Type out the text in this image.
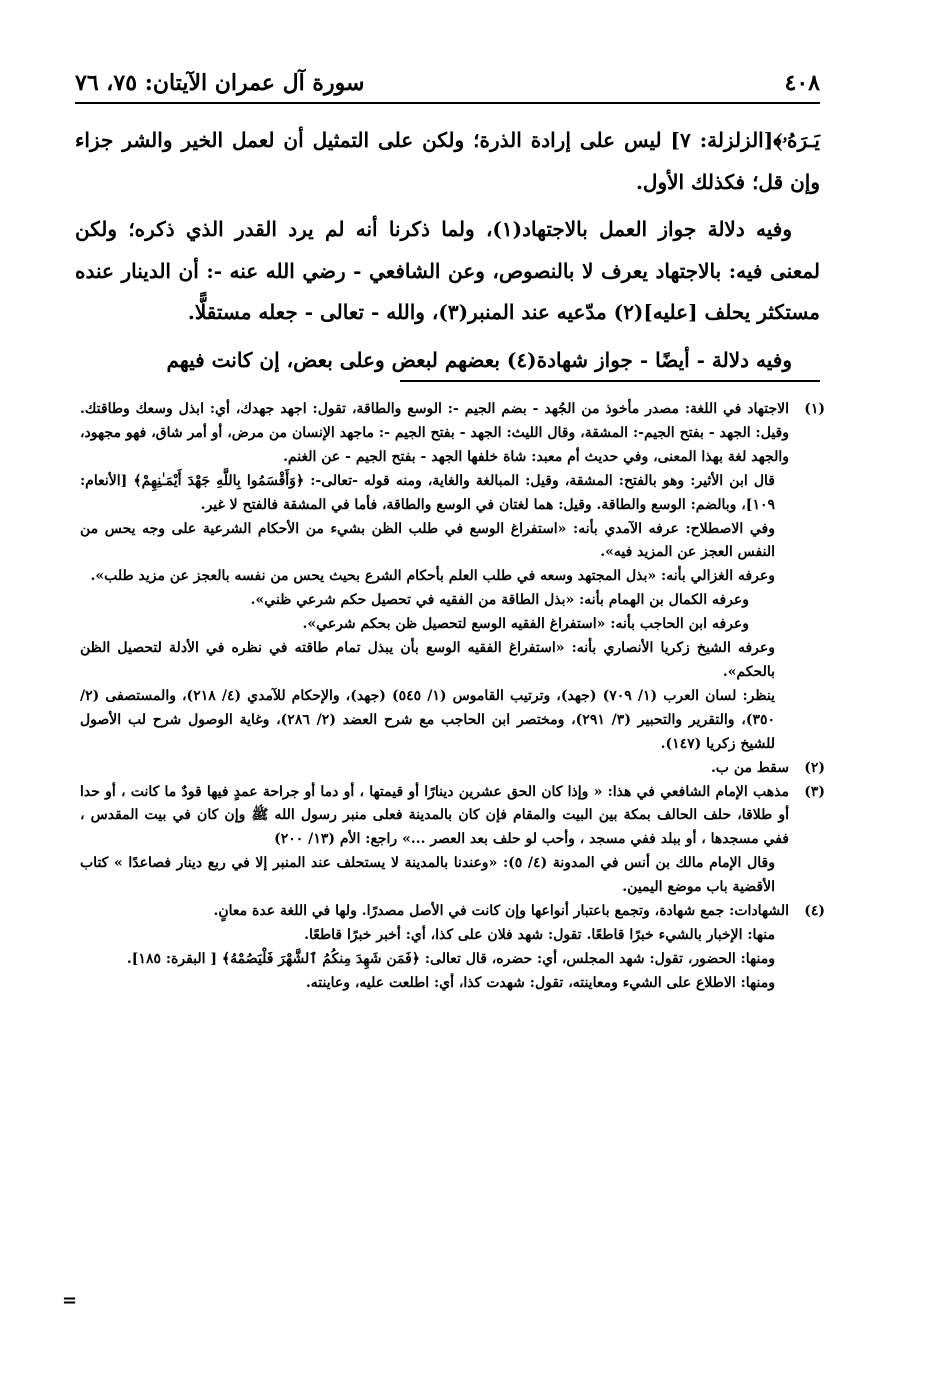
٤٠٨
سورة آل عمران الآيتان: ٧٥، ٧٦

يَـرَهُۥ﴾[الزلزلة: ٧] ليس على إرادة الذرة؛ ولكن على التمثيل أن لعمل الخير والشر جزاء وإن قل؛ فكذلك الأول.

وفيه دلالة جواز العمل بالاجتهاد(١)، ولما ذكرنا أنه لم يرد القدر الذي ذكره؛ ولكن لمعنى فيه: بالاجتهاد يعرف لا بالنصوص، وعن الشافعي - رضي الله عنه -: أن الدينار عنده مستكثر يحلف [عليه](٢) مدّعيه عند المنبر(٣)، والله - تعالى - جعله مستقلًّا.

وفيه دلالة - أيضًا - جواز شهادة(٤) بعضهم لبعض وعلى بعض، إن كانت فيهم

(١)

الاجتهاد في اللغة: مصدر مأخوذ من الجُهد - بضم الجيم -: الوسع والطاقة، تقول: اجهد جهدك، أي: ابذل وسعك وطاقتك. وقيل: الجهد - بفتح الجيم-: المشقة، وقال الليث: الجهد - بفتح الجيم -: ماجهد الإنسان من مرض، أو أمر شاق، فهو مجهود، والجهد لغة بهذا المعنى، وفي حديث أم معبد: شاة خلفها الجهد - بفتح الجيم - عن الغنم.

قال ابن الأثير: وهو بالفتح: المشقة، وقيل: المبالغة والغاية، ومنه قوله -تعالى-: ﴿وَأَقْسَمُوا بِاللَّهِ جَهْدَ أَيْمَـٰنِهِمْ﴾ [الأنعام: ١٠٩]، وبالضم: الوسع والطاقة. وقيل: هما لغتان في الوسع والطاقة، فأما في المشقة فالفتح لا غير.

وفي الاصطلاح: عرفه الآمدي بأنه: «استفراغ الوسع في طلب الظن بشيء من الأحكام الشرعية على وجه يحس من النفس العجز عن المزيد فيه».

وعرفه الغزالي بأنه: «بذل المجتهد وسعه في طلب العلم بأحكام الشرع بحيث يحس من نفسه بالعجز عن مزيد طلب».

وعرفه الكمال بن الهمام بأنه: «بذل الطاقة من الفقيه في تحصيل حكم شرعي ظني».

وعرفه ابن الحاجب بأنه: «استفراغ الفقيه الوسع لتحصيل ظن بحكم شرعي».

وعرفه الشيخ زكريا الأنصاري بأنه: «استفراغ الفقيه الوسع بأن يبذل تمام طاقته في نظره في الأدلة لتحصيل الظن بالحكم».

ينظر: لسان العرب (١/ ٧٠٩) (جهد)، وترتيب القاموس (١/ ٥٤٥) (جهد)، والإحكام للآمدي (٤/ ٢١٨)، والمستصفى (٢/ ٣٥٠)، والتقرير والتحبير (٣/ ٢٩١)، ومختصر ابن الحاجب مع شرح العضد (٢/ ٢٨٦)، وغاية الوصول شرح لب الأصول للشيخ زكريا (١٤٧).

(٢)

سقط من ب.

(٣)

مذهب الإمام الشافعي في هذا: « وإذا كان الحق عشرين دينارًا أو قيمتها ، أو دما أو جراحة عمدٍ فيها قودٌ ما كانت ، أو حدا أو طلاقا، حلف الحالف بمكة بين البيت والمقام فإن كان بالمدينة فعلى منبر رسول الله ﷺ وإن كان في بيت المقدس ، ففي مسجدها ، أو ببلد ففي مسجد ، وأحب لو حلف بعد العصر ...» راجع: الأم (١٣/ ٢٠٠)

وقال الإمام مالك بن أنس في المدونة (٤/ ٥): «وعندنا بالمدينة لا يستحلف عند المنبر إلا في ربع دينار فصاعدًا » كتاب الأقضية باب موضع اليمين.

(٤)

الشهادات: جمع شهادة، وتجمع باعتبار أنواعها وإن كانت في الأصل مصدرًا. ولها في اللغة عدة معانٍ.

منها: الإخبار بالشيء خبرًا قاطعًا. تقول: شهد فلان على كذا، أي: أخبر خبرًا قاطعًا.

ومنها: الحضور، تقول: شهد المجلس، أي: حضره، قال تعالى: ﴿فَمَن شَهِدَ مِنكُمُ ٱلشَّهْرَ فَلْيَصُمْهُ﴾ [ البقرة: ١٨٥].

ومنها: الاطلاع على الشيء ومعاينته، تقول: شهدت كذا، أي: اطلعت عليه، وعاينته.

=
